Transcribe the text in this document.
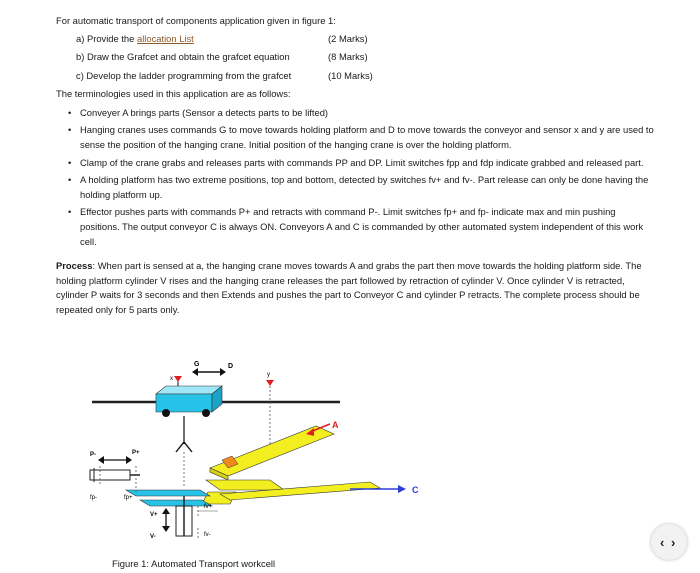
For automatic transport of components application given in figure 1:

a) Provide the allocation List	(2 Marks)
b) Draw the Grafcet and obtain the grafcet equation	(8 Marks)
c) Develop the ladder programming from the grafcet	(10 Marks)

The terminologies used in this application are as follows:

• Conveyer A brings parts (Sensor a detects parts to be lifted)
• Hanging cranes uses commands G to move towards holding platform and D to move towards the conveyor and sensor x and y are used to sense the position of the hanging crane. Initial position of the hanging crane is over the holding platform.
• Clamp of the crane grabs and releases parts with commands PP and DP. Limit switches fpp and fdp indicate grabbed and released part.
• A holding platform has two extreme positions, top and bottom, detected by switches fv+ and fv-. Part release can only be done having the holding platform up.
• Effector pushes parts with commands P+ and retracts with command P-. Limit switches fp+ and fp- indicate max and min pushing positions. The output conveyor C is always ON. Conveyors A and C is commanded by other automated system independent of this work cell.

Process: When part is sensed at a, the hanging crane moves towards A and grabs the part then move towards the holding platform side. The holding platform cylinder V rises and the hanging crane releases the part followed by retraction of cylinder V. Once cylinder V is retracted, cylinder P waits for 3 seconds and then Extends and pushes the part to Conveyor C and cylinder P retracts. The complete process should be repeated only for 5 parts only.

G	D
x
y
A
C
P-	P+
fp-	fp+
V+
V-
fv+
fv-
Figure 1: Automated Transport workcell
‹ ›
